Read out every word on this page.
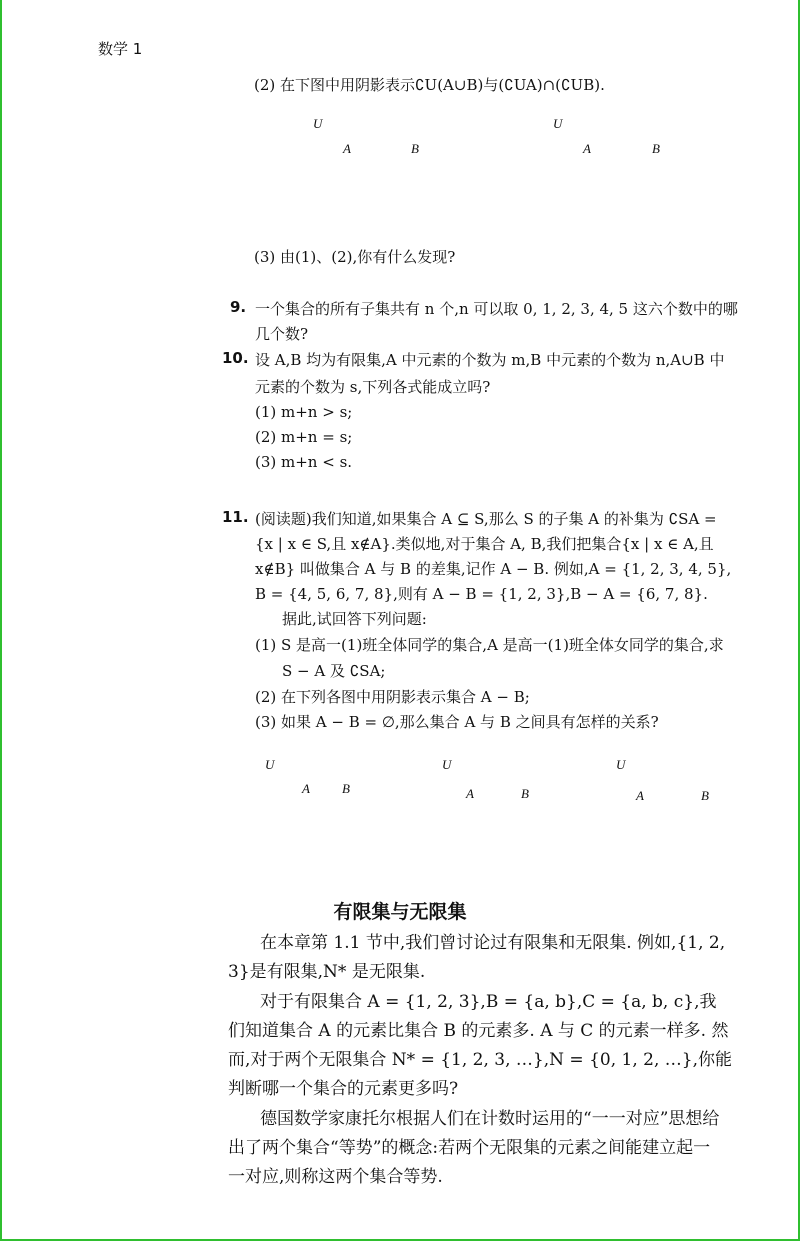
数学 1
(2) 在下图中用阴影表示∁U(A∪B)与(∁UA)∩(∁UB).
U
A	B
U
A	B
(3) 由(1)、(2),你有什么发现?
9. 一个集合的所有子集共有 n 个,n 可以取 0, 1, 2, 3, 4, 5 这六个数中的哪
几个数?
10. 设 A,B 均为有限集,A 中元素的个数为 m,B 中元素的个数为 n,A∪B 中
元素的个数为 s,下列各式能成立吗?
(1) m+n > s;
(2) m+n = s;
(3) m+n < s.
11. (阅读题)我们知道,如果集合 A ⊆ S,那么 S 的子集 A 的补集为 ∁SA =
{x | x ∈ S,且 x∉A}.类似地,对于集合 A, B,我们把集合{x | x ∈ A,且
x∉B} 叫做集合 A 与 B 的差集,记作 A − B. 例如,A = {1, 2, 3, 4, 5},
B = {4, 5, 6, 7, 8},则有 A − B = {1, 2, 3},B − A = {6, 7, 8}.
据此,试回答下列问题:
(1) S 是高一(1)班全体同学的集合,A 是高一(1)班全体女同学的集合,求
S − A 及 ∁SA;
(2) 在下列各图中用阴影表示集合 A − B;
(3) 如果 A − B = ∅,那么集合 A 与 B 之间具有怎样的关系?
U
A B
U
A	B
U
A	B
有限集与无限集
在本章第 1.1 节中,我们曾讨论过有限集和无限集. 例如,{1, 2,
3}是有限集,N* 是无限集.
对于有限集合 A = {1, 2, 3},B = {a, b},C = {a, b, c},我
们知道集合 A 的元素比集合 B 的元素多. A 与 C 的元素一样多. 然
而,对于两个无限集合 N* = {1, 2, 3, …},N = {0, 1, 2, …},你能
判断哪一个集合的元素更多吗?
德国数学家康托尔根据人们在计数时运用的“一一对应”思想给
出了两个集合“等势”的概念:若两个无限集的元素之间能建立起一
一对应,则称这两个集合等势.
